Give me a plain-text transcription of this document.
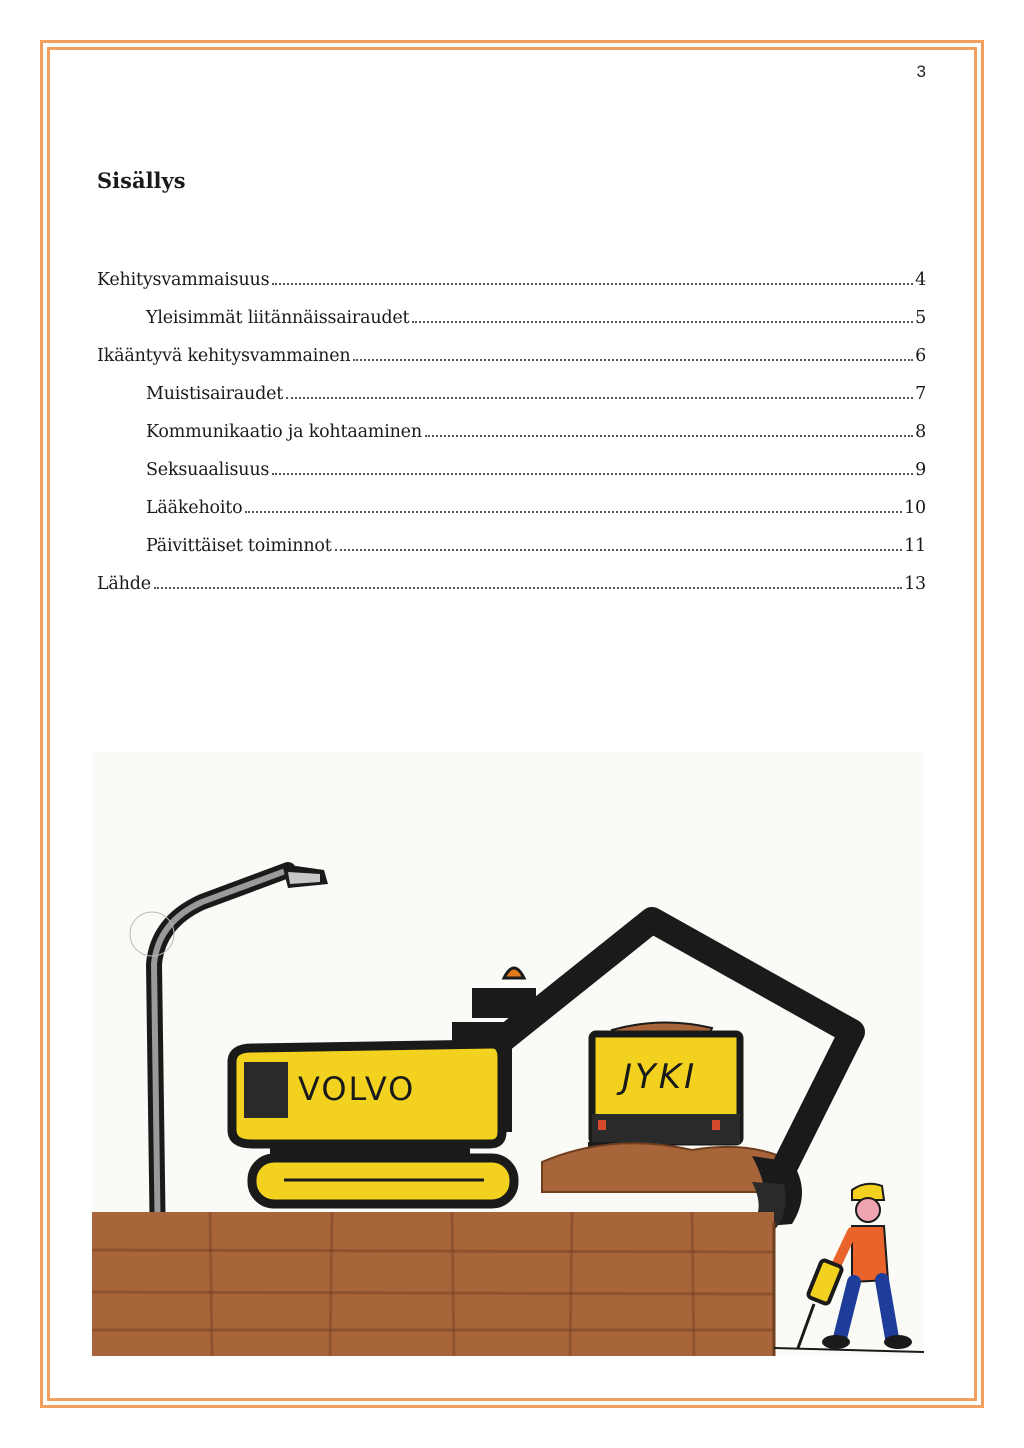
3
Sisällys
Kehitysvammaisuus	4
Yleisimmät liitännäissairaudet	5
Ikääntyvä kehitysvammainen	6
Muistisairaudet	7
Kommunikaatio ja kohtaaminen	8
Seksuaalisuus	9
Lääkehoito	10
Päivittäiset toiminnot	11
Lähde	13
JYKI
VOLVO
